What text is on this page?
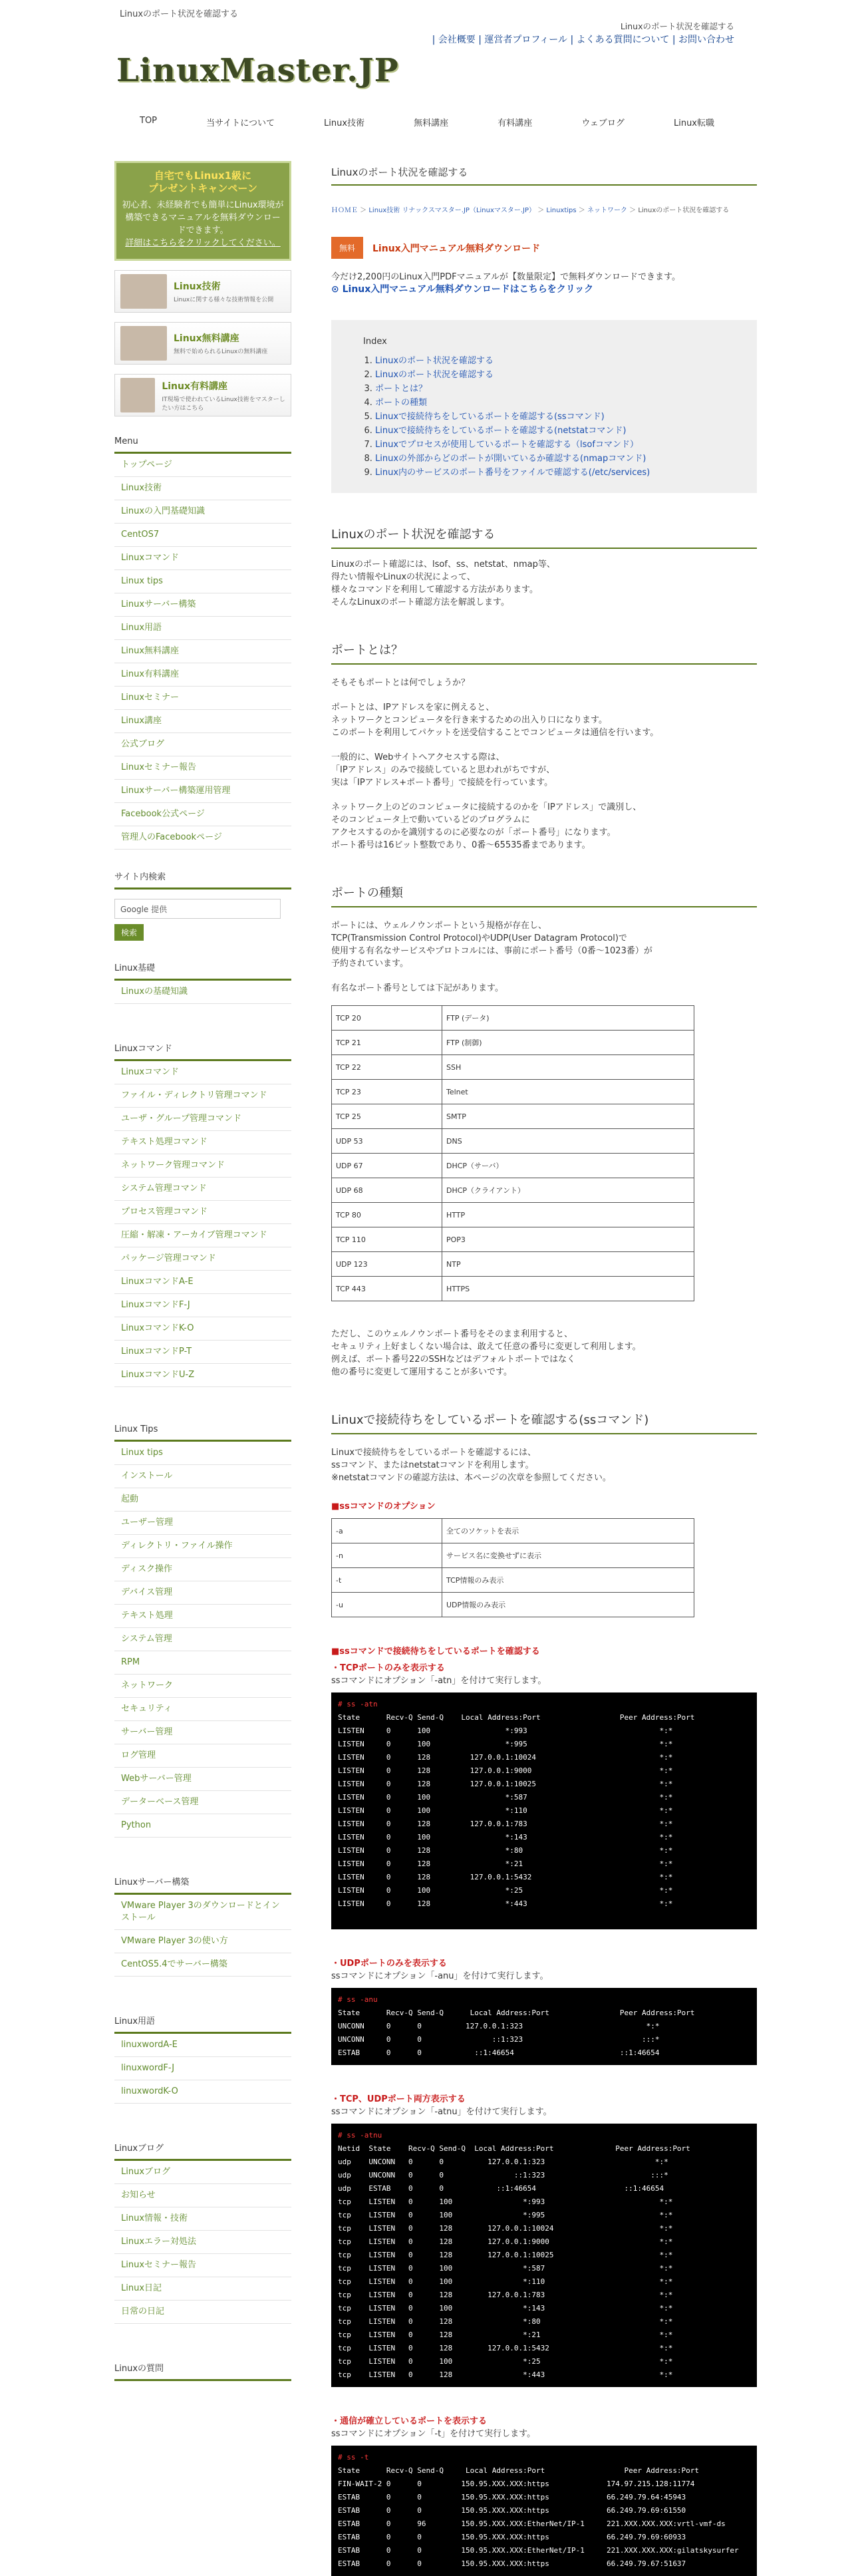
Linuxのポート状況を確認する
Linuxのポート状況を確認する
| 会社概要 | 運営者プロフィール | よくある質問について | お問い合わせ
LinuxMaster.JP
TOP	当サイトについて	Linux技術	無料講座	有料講座	ウェブログ	Linux転職
自宅でもLinux1級に
プレゼントキャンペーン
初心者、未経験者でも簡単にLinux環境が構築できるマニュアルを無料ダウンロードできます。
詳細はこちらをクリックしてください。
Linux技術
Linuxに関する様々な技術情報を公開
Linux無料講座
無料で始められるLinuxの無料講座
Linux有料講座
IT現場で使われているLinux技術をマスターしたい方はこちら
Menu
トップページ
Linux技術
Linuxの入門基礎知識
CentOS7
Linuxコマンド
Linux tips
Linuxサーバー構築
Linux用語
Linux無料講座
Linux有料講座
Linuxセミナー
Linux講座
公式ブログ
Linuxセミナー報告
Linuxサーバー構築運用管理
Facebook公式ページ
管理人のFacebookページ
サイト内検索
Google 提供
検索
Linux基礎
Linuxの基礎知識
Linuxコマンド
Linuxコマンド
ファイル・ディレクトリ管理コマンド
ユーザ・グループ管理コマンド
テキスト処理コマンド
ネットワーク管理コマンド
システム管理コマンド
プロセス管理コマンド
圧縮・解凍・アーカイブ管理コマンド
パッケージ管理コマンド
LinuxコマンドA-E
LinuxコマンドF-J
LinuxコマンドK-O
LinuxコマンドP-T
LinuxコマンドU-Z
Linux Tips
Linux tips
インストール
起動
ユーザー管理
ディレクトリ・ファイル操作
ディスク操作
デバイス管理
テキスト処理
システム管理
RPM
ネットワーク
セキュリティ
サーバー管理
ログ管理
Webサーバー管理
データーベース管理
Python
Linuxサーバー構築
VMware Player 3のダウンロードとインストール
VMware Player 3の使い方
CentOS5.4でサーバー構築
Linux用語
linuxwordA-E
linuxwordF-J
linuxwordK-O
Linuxブログ
Linuxブログ
お知らせ
Linux情報・技術
Linuxエラー対処法
Linuxセミナー報告
Linux日記
日常の日記
Linuxの質問
Linuxのポート状況を確認する
ＨＯＭＥ ＞ Linux技術 リナックスマスター.JP（Linuxマスター.JP） ＞ Linuxtips ＞ ネットワーク ＞ Linuxのポート状況を確認する
無料	Linux入門マニュアル無料ダウンロード
今だけ2,200円のLinux入門PDFマニュアルが【数量限定】で無料ダウンロードできます。
⊙ Linux入門マニュアル無料ダウンロードはこちらをクリック
Index
1. Linuxのポート状況を確認する
2. Linuxのポート状況を確認する
3. ポートとは？
4. ポートの種類
5. Linuxで接続待ちをしているポートを確認する(ssコマンド)
6. Linuxで接続待ちをしているポートを確認する(netstatコマンド)
7. Linuxでプロセスが使用しているポートを確認する（lsofコマンド）
8. Linuxの外部からどのポートが開いているか確認する(nmapコマンド)
9. Linux内のサービスのポート番号をファイルで確認する(/etc/services)
Linuxのポート状況を確認する
Linuxのポート確認には、lsof、ss、netstat、nmap等、
得たい情報やLinuxの状況によって、
様々なコマンドを利用して確認する方法があります。
そんなLinuxのポート確認方法を解説します。
ポートとは？
そもそもポートとは何でしょうか？
ポートとは、IPアドレスを家に例えると、
ネットワークとコンピュータを行き来するための出入り口になります。
このポートを利用してパケットを送受信することでコンピュータは通信を行います。
一般的に、Webサイトへアクセスする際は、
「IPアドレス」のみで接続していると思われがちですが、
実は「IPアドレス+ポート番号」で接続を行っています。
ネットワーク上のどのコンピュータに接続するのかを「IPアドレス」で識別し、
そのコンピュータ上で動いているどのプログラムに
アクセスするのかを識別するのに必要なのが「ポート番号」になります。
ポート番号は16ビット整数であり、0番〜65535番まであります。
ポートの種類
ポートには、ウェルノウンポートという規格が存在し、
TCP(Transmission Control Protocol)やUDP(User Datagram Protocol)で
使用する有名なサービスやプロトコルには、事前にポート番号（0番〜1023番）が
予約されています。
有名なポート番号としては下記があります。
TCP 20	FTP (データ)
TCP 21	FTP (制御)
TCP 22	SSH
TCP 23	Telnet
TCP 25	SMTP
UDP 53	DNS
UDP 67	DHCP（サーバ）
UDP 68	DHCP（クライアント）
TCP 80	HTTP
TCP 110	POP3
UDP 123	NTP
TCP 443	HTTPS
ただし、このウェルノウンポート番号をそのまま利用すると、
セキュリティ上好ましくない場合は、敢えて任意の番号に変更して利用します。
例えば、ポート番号22のSSHなどはデフォルトポートではなく
他の番号に変更して運用することが多いです。
Linuxで接続待ちをしているポートを確認する(ssコマンド)
Linuxで接続待ちをしているポートを確認するには、
ssコマンド、またはnetstatコマンドを利用します。
※netstatコマンドの確認方法は、本ページの次章を参照してください。
■ssコマンドのオプション
-a	全てのソケットを表示
-n	サービス名に変換せずに表示
-t	TCP情報のみ表示
-u	UDP情報のみ表示
■ssコマンドで接続待ちをしているポートを確認する
・TCPポートのみを表示する
ssコマンドにオプション「-atn」を付けて実行します。
# ss -atn
State      Recv-Q Send-Q    Local Address:Port                  Peer Address:Port
LISTEN     0      100                 *:993                              *:*
LISTEN     0      100                 *:995                              *:*
LISTEN     0      128         127.0.0.1:10024                            *:*
LISTEN     0      128         127.0.0.1:9000                             *:*
LISTEN     0      128         127.0.0.1:10025                            *:*
LISTEN     0      100                 *:587                              *:*
LISTEN     0      100                 *:110                              *:*
LISTEN     0      128         127.0.0.1:783                              *:*
LISTEN     0      100                 *:143                              *:*
LISTEN     0      128                 *:80                               *:*
LISTEN     0      128                 *:21                               *:*
LISTEN     0      128         127.0.0.1:5432                             *:*
LISTEN     0      100                 *:25                               *:*
LISTEN     0      128                 *:443                              *:*

・UDPポートのみを表示する
ssコマンドにオプション「-anu」を付けて実行します。
# ss -anu
State      Recv-Q Send-Q      Local Address:Port                Peer Address:Port
UNCONN     0      0          127.0.0.1:323                            *:*
UNCONN     0      0                ::1:323                           :::*
ESTAB      0      0            ::1:46654                        ::1:46654
・TCP、UDPポート両方表示する
ssコマンドにオプション「-atnu」を付けて実行します。
# ss -atnu
Netid  State    Recv-Q Send-Q  Local Address:Port              Peer Address:Port
udp    UNCONN   0      0          127.0.0.1:323                         *:*
udp    UNCONN   0      0                ::1:323                        :::*
udp    ESTAB    0      0            ::1:46654                    ::1:46654
tcp    LISTEN   0      100                *:993                          *:*
tcp    LISTEN   0      100                *:995                          *:*
tcp    LISTEN   0      128        127.0.0.1:10024                        *:*
tcp    LISTEN   0      128        127.0.0.1:9000                         *:*
tcp    LISTEN   0      128        127.0.0.1:10025                        *:*
tcp    LISTEN   0      100                *:587                          *:*
tcp    LISTEN   0      100                *:110                          *:*
tcp    LISTEN   0      128        127.0.0.1:783                          *:*
tcp    LISTEN   0      100                *:143                          *:*
tcp    LISTEN   0      128                *:80                           *:*
tcp    LISTEN   0      128                *:21                           *:*
tcp    LISTEN   0      128        127.0.0.1:5432                         *:*
tcp    LISTEN   0      100                *:25                           *:*
tcp    LISTEN   0      128                *:443                          *:*

・通信が確立しているポートを表示する
ssコマンドにオプション「-t」を付けて実行します。
# ss -t
State      Recv-Q Send-Q     Local Address:Port                  Peer Address:Port
FIN-WAIT-2 0      0         150.95.XXX.XXX:https             174.97.215.128:11774
ESTAB      0      0         150.95.XXX.XXX:https             66.249.79.64:45943
ESTAB      0      0         150.95.XXX.XXX:https             66.249.79.69:61550
ESTAB      0      96        150.95.XXX.XXX:EtherNet/IP-1     221.XXX.XXX.XXX:vrtl-vmf-ds
ESTAB      0      0         150.95.XXX.XXX:https             66.249.79.69:60933
ESTAB      0      0         150.95.XXX.XXX:EtherNet/IP-1     221.XXX.XXX.XXX:gilatskysurfer
ESTAB      0      0         150.95.XXX.XXX:https             66.249.79.67:51637
